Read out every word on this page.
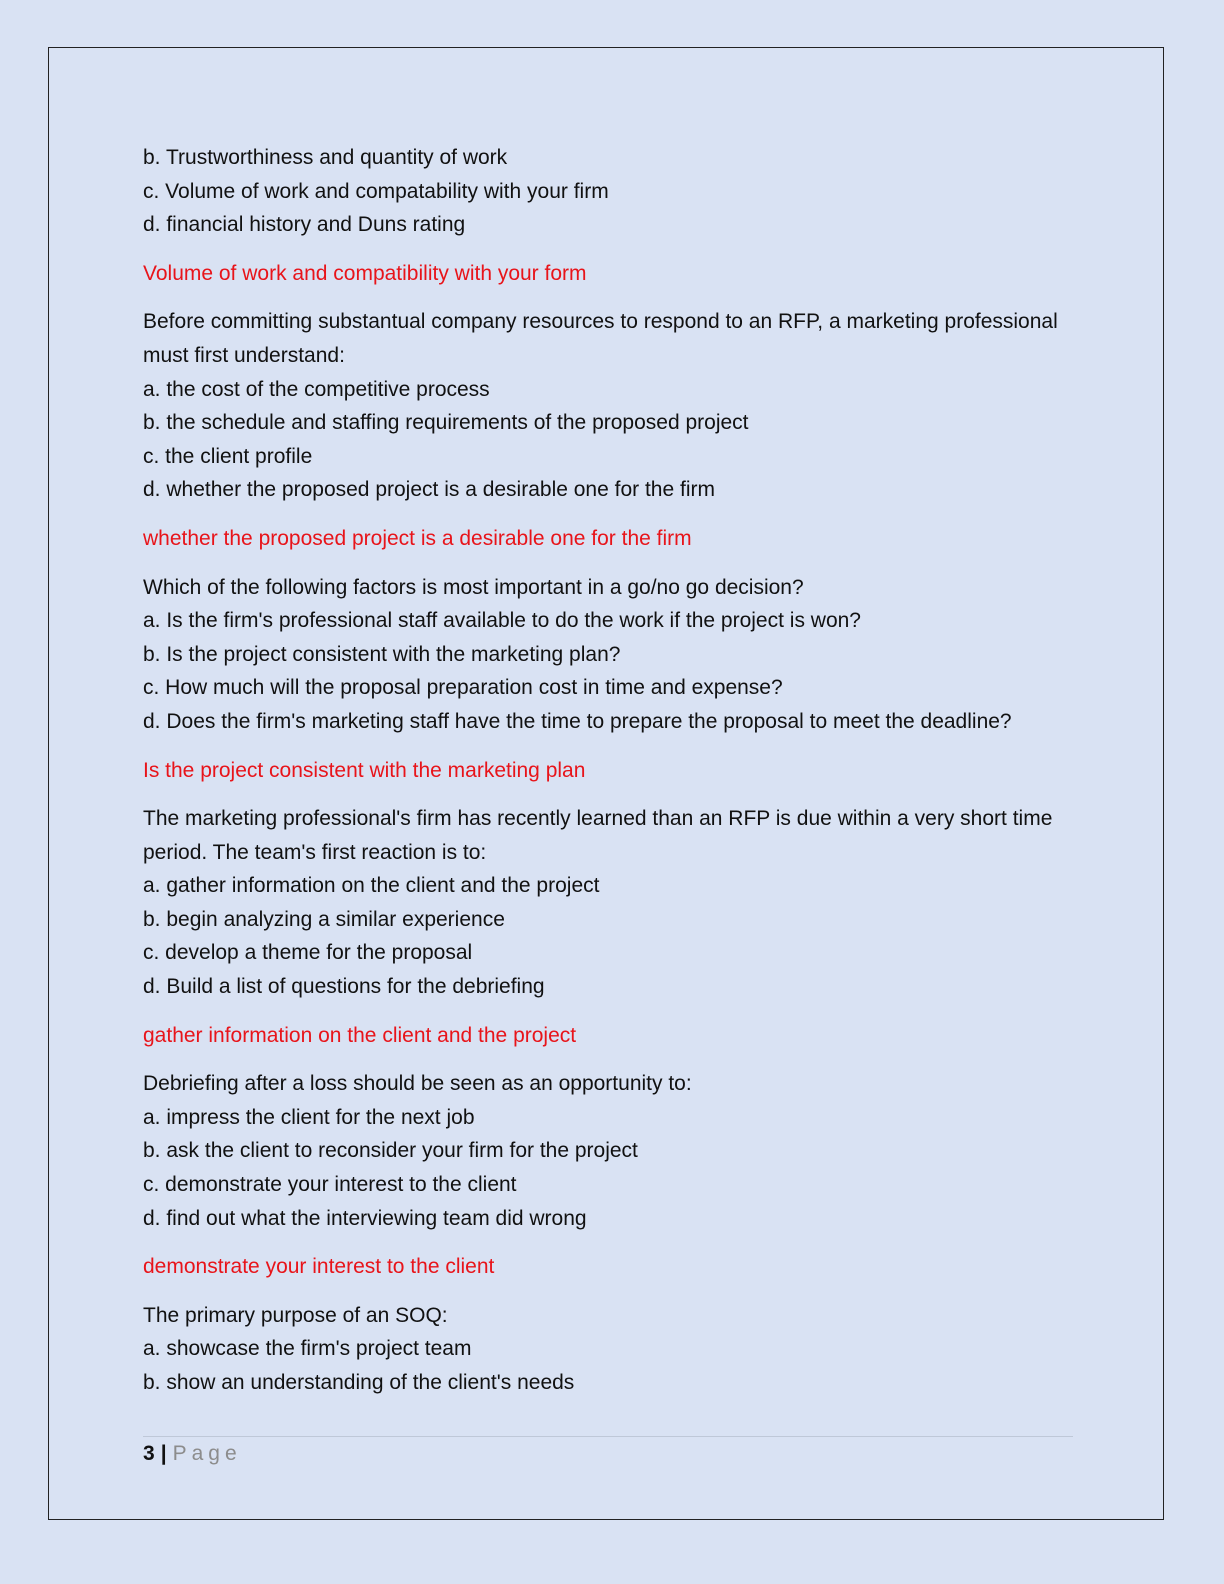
b. Trustworthiness and quantity of work
c. Volume of work and compatability with your firm
d. financial history and Duns rating
Volume of work and compatibility with your form
Before committing substantual company resources to respond to an RFP, a marketing professional must first understand:
a. the cost of the competitive process
b. the schedule and staffing requirements of the proposed project
c. the client profile
d. whether the proposed project is a desirable one for the firm
whether the proposed project is a desirable one for the firm
Which of the following factors is most important in a go/no go decision?
a. Is the firm's professional staff available to do the work if the project is won?
b. Is the project consistent with the marketing plan?
c. How much will the proposal preparation cost in time and expense?
d. Does the firm's marketing staff have the time to prepare the proposal to meet the deadline?
Is the project consistent with the marketing plan
The marketing professional's firm has recently learned than an RFP is due within a very short time period. The team's first reaction is to:
a. gather information on the client and the project
b. begin analyzing a similar experience
c. develop a theme for the proposal
d. Build a list of questions for the debriefing
gather information on the client and the project
Debriefing after a loss should be seen as an opportunity to:
a. impress the client for the next job
b. ask the client to reconsider your firm for the project
c. demonstrate your interest to the client
d. find out what the interviewing team did wrong
demonstrate your interest to the client
The primary purpose of an SOQ:
a. showcase the firm's project team
b. show an understanding of the client's needs
3 | Page
